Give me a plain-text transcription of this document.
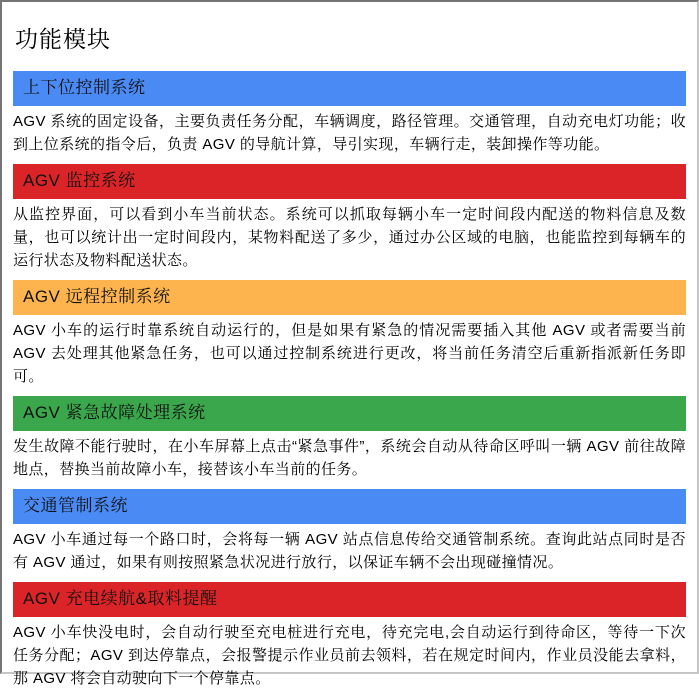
功能模块
上下位控制系统

AGV 系统的固定设备，主要负责任务分配，车辆调度，路径管理。交通管理，自动充电灯功能；收到上位系统的指令后，负责 AGV 的导航计算，导引实现，车辆行走，装卸操作等功能。

AGV 监控系统

从监控界面，可以看到小车当前状态。系统可以抓取每辆小车一定时间段内配送的物料信息及数量，也可以统计出一定时间段内，某物料配送了多少，通过办公区域的电脑，也能监控到每辆车的运行状态及物料配送状态。

AGV 远程控制系统

AGV 小车的运行时靠系统自动运行的，但是如果有紧急的情况需要插入其他 AGV 或者需要当前 AGV 去处理其他紧急任务，也可以通过控制系统进行更改，将当前任务清空后重新指派新任务即可。

AGV 紧急故障处理系统

发生故障不能行驶时，在小车屏幕上点击“紧急事件”，系统会自动从待命区呼叫一辆 AGV 前往故障地点，替换当前故障小车，接替该小车当前的任务。

交通管制系统

AGV 小车通过每一个路口时，会将每一辆 AGV 站点信息传给交通管制系统。查询此站点同时是否有 AGV 通过，如果有则按照紧急状况进行放行，以保证车辆不会出现碰撞情况。

AGV 充电续航&取料提醒

AGV 小车快没电时，会自动行驶至充电桩进行充电，待充完电,会自动运行到待命区，等待一下次任务分配；AGV 到达停靠点，会报警提示作业员前去领料，若在规定时间内，作业员没能去拿料，那 AGV 将会自动驶向下一个停靠点。
